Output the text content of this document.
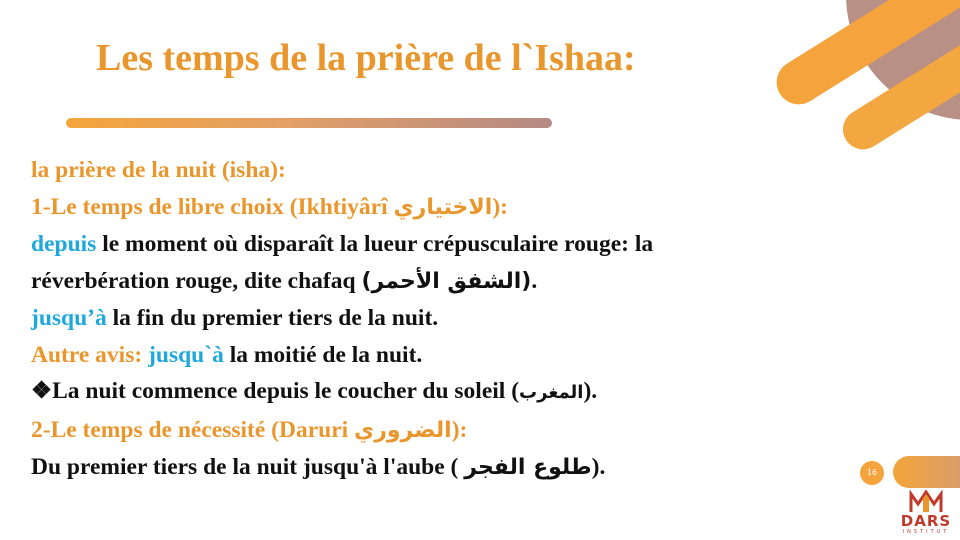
Les temps de la prière de l`Ishaa:
la prière de la nuit (isha):
1-Le temps de libre choix (Ikhtiyârî الاختياري):
depuis le moment où disparaît la lueur crépusculaire rouge: la
réverbération rouge, dite chafaq (الشفق الأحمر).
jusqu’à la fin du premier tiers de la nuit.
Autre avis: jusqu`à la moitié de la nuit.
❖La nuit commence depuis le coucher du soleil (المغرب).
2-Le temps de nécessité (Daruri الضروري):
Du premier tiers de la nuit jusqu'à l'aube ( طلوع الفجر).	16
DARS
INSTITUT
